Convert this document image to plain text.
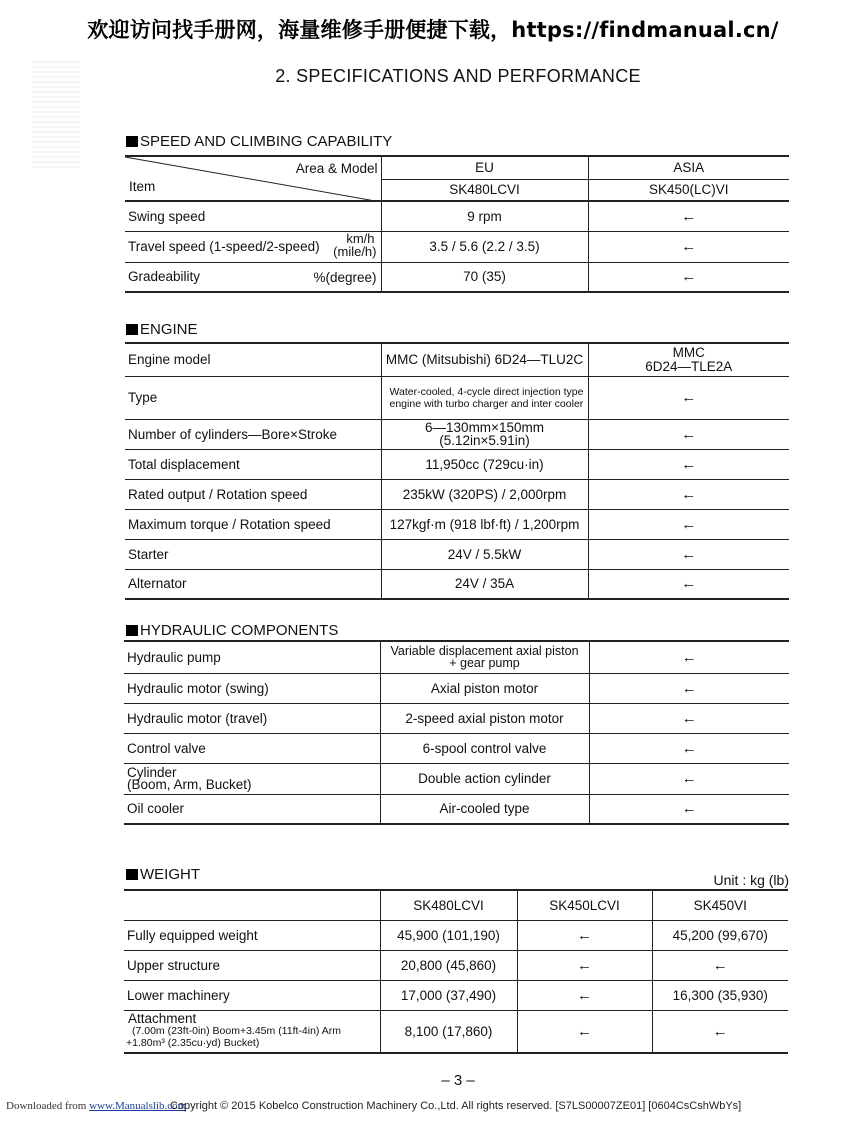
欢迎访问找手册网，海量维修手册便捷下载，https://findmanual.cn/
2. SPECIFICATIONS AND PERFORMANCE
SPEED AND CLIMBING CAPABILITY
Area & Model
Item	EU	ASIA
	SK480LCVI	SK450(LC)VI
Swing speed	9 rpm	←
Travel speed (1-speed/2-speed)
km/h
(mile/h)	3.5 / 5.6 (2.2 / 3.5)	←
Gradeability %(degree)	70 (35)	←
ENGINE
Engine model	MMC (Mitsubishi) 6D24—TLU2C	MMC
6D24—TLE2A

Type	Water-cooled, 4-cycle direct injection type engine with turbo charger and inter cooler	←
Number of cylinders—Bore×Stroke	6—130mm×150mm
(5.12in×5.91in)	←
Total displacement	11,950cc (729cu·in)	←
Rated output / Rotation speed	235kW (320PS) / 2,000rpm	←
Maximum torque / Rotation speed	127kgf·m (918 lbf·ft) / 1,200rpm	←
Starter	24V / 5.5kW	←
Alternator	24V / 35A	←
HYDRAULIC COMPONENTS
Hydraulic pump	Variable displacement axial piston
+ gear pump	←
Hydraulic motor (swing)	Axial piston motor	←
Hydraulic motor (travel)	2-speed axial piston motor	←
Control valve	6-spool control valve	←

Cylinder
(Boom, Arm, Bucket)	Double action cylinder	←
Oil cooler	Air-cooled type	←
WEIGHT	Unit : kg (lb)
	SK480LCVI	SK450LCVI	SK450VI
Fully equipped weight	45,900 (101,190)	←	45,200 (99,670)
Upper structure	20,800 (45,860)	←	←
Lower machinery	17,000 (37,490)	←	16,300 (35,930)

Attachment
(7.00m (23ft-0in) Boom+3.45m (11ft-4in) Arm
+1.80m³ (2.35cu·yd) Bucket)	8,100 (17,860)	←	←
– 3 –
Downloaded from www.Manualslib.com
Copyright © 2015 Kobelco Construction Machinery Co.,Ltd. All rights reserved. [S7LS00007ZE01] [0604CsCshWbYs]
